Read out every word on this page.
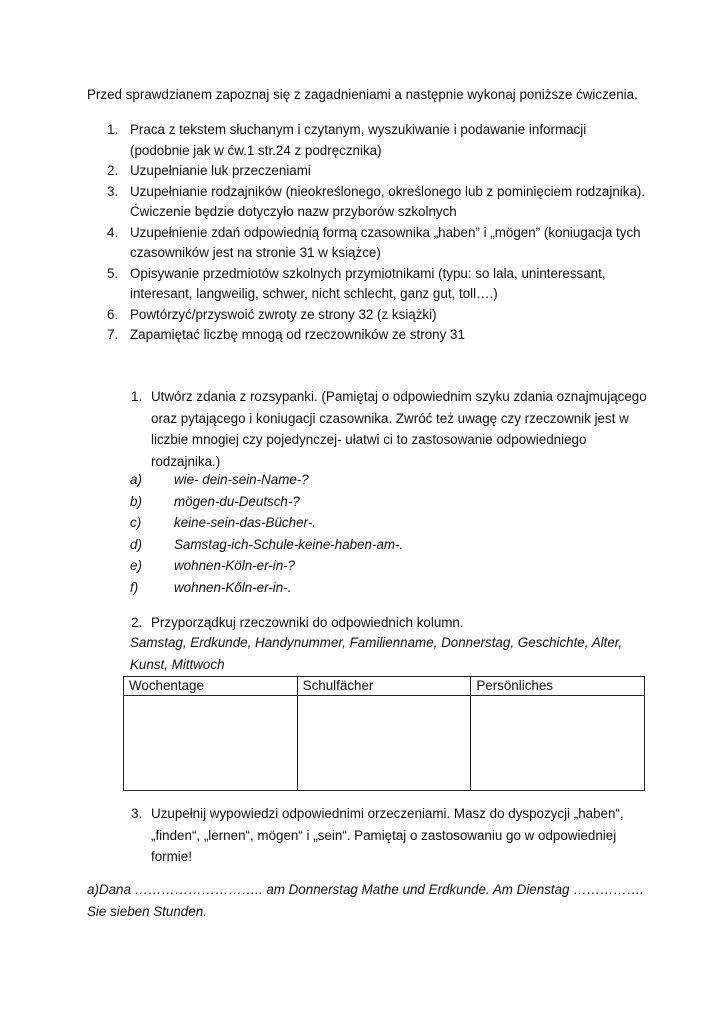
Przed sprawdzianem zapoznaj się z zagadnieniami a następnie wykonaj poniższe ćwiczenia.
1. Praca z tekstem słuchanym i czytanym, wyszukiwanie i podawanie informacji (podobnie jak w ćw.1 str.24 z podręcznika)
2. Uzupełnianie luk przeczeniami
3. Uzupełnianie rodzajników (nieokreślonego, określonego lub z pominięciem rodzajnika). Ćwiczenie będzie dotyczyło nazw przyborów szkolnych
4. Uzupełnienie zdań odpowiednią formą czasownika „haben” i „mögen” (koniugacja tych czasowników jest na stronie 31 w książce)
5. Opisywanie przedmiotów szkolnych przymiotnikami (typu: so lala, uninteressant, interesant, langweilig, schwer, nicht schlecht, ganz gut, toll….)
6. Powtórzyć/przyswoić zwroty ze strony 32 (z książki)
7. Zapamiętać liczbę mnogą od rzeczowników ze strony 31
1. Utwórz zdania z rozsypanki. (Pamiętaj o odpowiednim szyku zdania oznajmującego oraz pytającego i koniugacji czasownika. Zwróć też uwagę czy rzeczownik jest w liczbie mnogiej czy pojedynczej- ułatwi ci to zastosowanie odpowiedniego rodzajnika.)
a) wie- dein-sein-Name-?
b) mögen-du-Deutsch-?
c) keine-sein-das-Bücher-.
d) Samstag-ich-Schule-keine-haben-am-.
e) wohnen-Köln-er-in-?
f)	wohnen-Kőln-er-in-.
2. Przyporządkuj rzeczowniki do odpowiednich kolumn.
Samstag, Erdkunde, Handynummer, Familienname, Donnerstag, Geschichte, Alter, Kunst, Mittwoch
Wochentage	Schulfächer	Persönliches

3. Uzupełnij wypowiedzi odpowiednimi orzeczeniami. Masz do dyspozycji „haben“, „finden“, „lernen“, mögen“ i „sein“. Pamiętaj o zastosowaniu go w odpowiedniej formie!
a)Dana ……………………….. am Donnerstag Mathe und Erdkunde. Am Dienstag ……………. Sie sieben Stunden.
